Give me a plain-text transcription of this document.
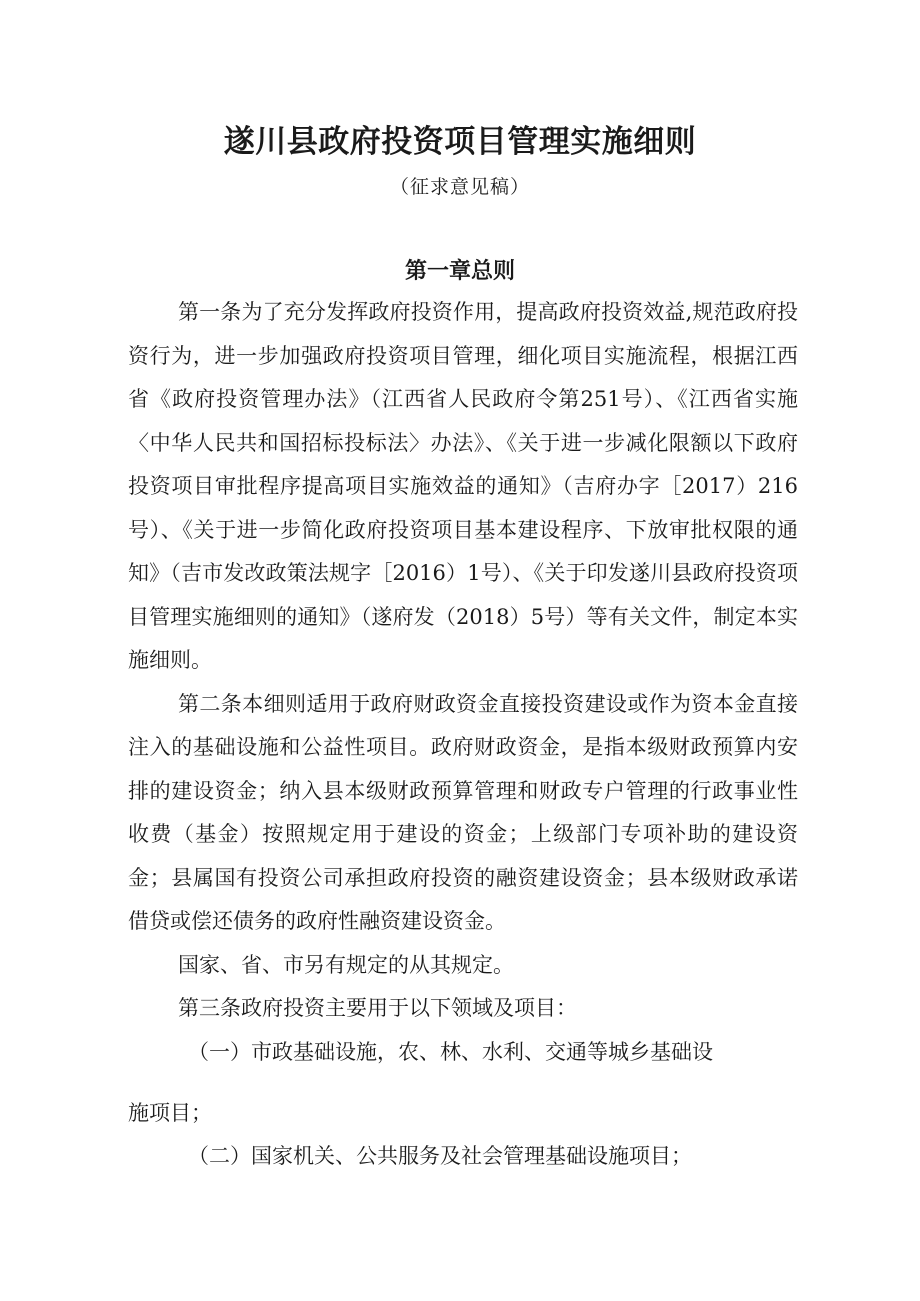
遂川县政府投资项目管理实施细则
（征求意见稿）
第一章总则

第一条为了充分发挥政府投资作用，提高政府投资效益,规范政府投资行为，进一步加强政府投资项目管理，细化项目实施流程，根据江西省《政府投资管理办法》（江西省人民政府令第251号）、《江西省实施〈中华人民共和国招标投标法〉办法》、《关于进一步减化限额以下政府投资项目审批程序提高项目实施效益的通知》（吉府办字［2017）216号）、《关于进一步简化政府投资项目基本建设程序、下放审批权限的通知》（吉市发改政策法规字［2016）1号）、《关于印发遂川县政府投资项目管理实施细则的通知》（遂府发（2018）5号）等有关文件，制定本实施细则。

第二条本细则适用于政府财政资金直接投资建设或作为资本金直接注入的基础设施和公益性项目。政府财政资金，是指本级财政预算内安排的建设资金；纳入县本级财政预算管理和财政专户管理的行政事业性收费（基金）按照规定用于建设的资金；上级部门专项补助的建设资金；县属国有投资公司承担政府投资的融资建设资金；县本级财政承诺借贷或偿还债务的政府性融资建设资金。

国家、省、市另有规定的从其规定。

第三条政府投资主要用于以下领域及项目：

（一）市政基础设施，农、林、水利、交通等城乡基础设

施项目；

（二）国家机关、公共服务及社会管理基础设施项目；
